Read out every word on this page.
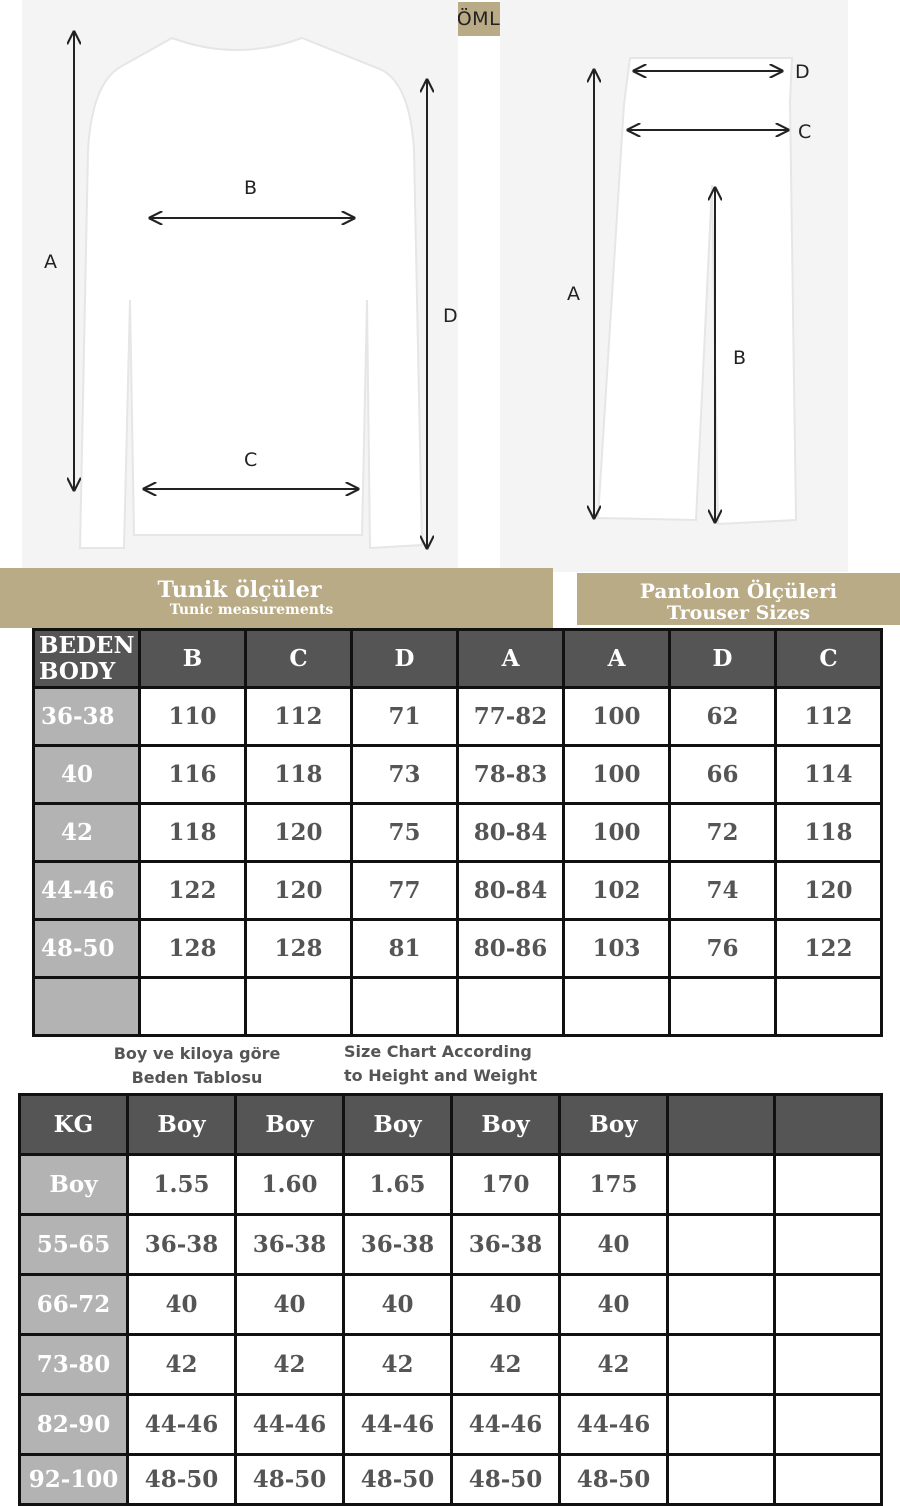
GÖMLEKLİ
A
B
C
D
D
C
A
B
Tunik ölçüler
Tunic measurements
Pantolon Ölçüleri
Trouser Sizes
BEDEN
BODY	B	C	D	A	A	D	C
36-38	110	112	71	77-82	100	62	112
40	116	118	73	78-83	100	66	114
42	118	120	75	80-84	100	72	118
44-46	122	120	77	80-84	102	74	120
48-50	128	128	81	80-86	103	76	122

Boy ve kiloya göre
Beden Tablosu
Size Chart According
to Height and Weight
KG	Boy	Boy	Boy	Boy	Boy		
Boy	1.55	1.60	1.65	170	175		
55-65	36-38	36-38	36-38	36-38	40		
66-72	40	40	40	40	40		
73-80	42	42	42	42	42		
82-90	44-46	44-46	44-46	44-46	44-46		
92-100	48-50	48-50	48-50	48-50	48-50		
